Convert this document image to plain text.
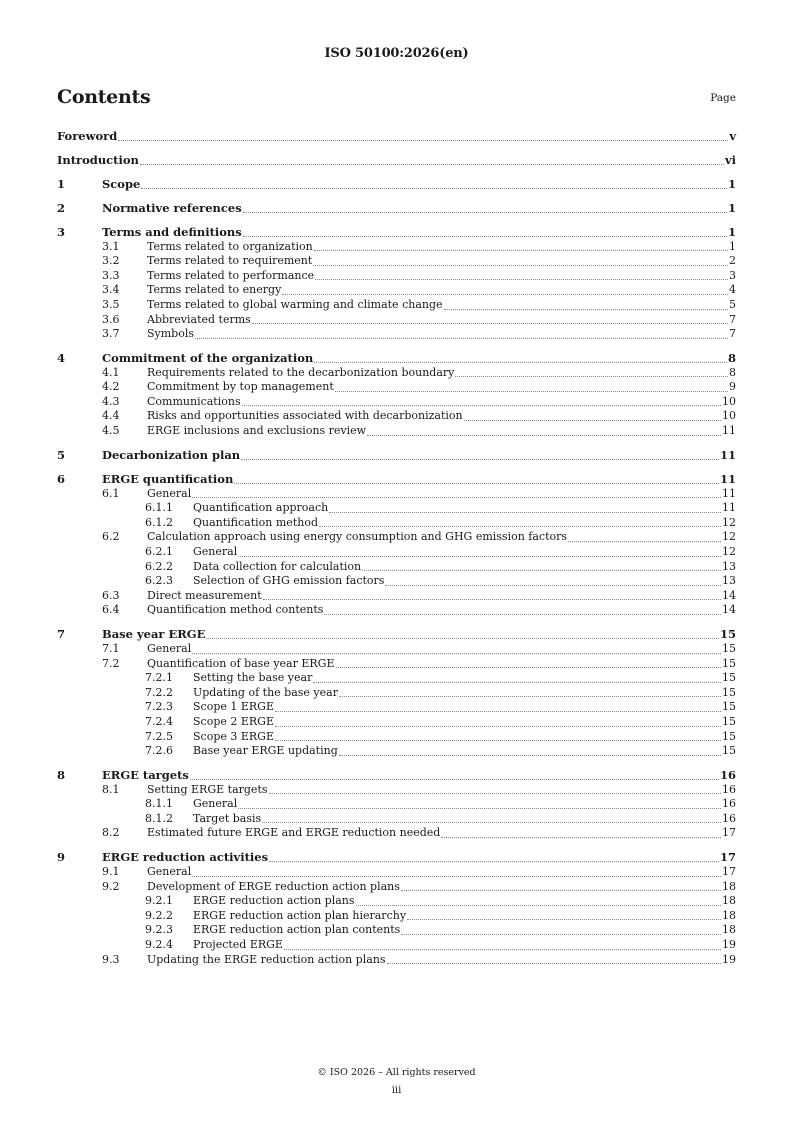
ISO 50100:2026(en)
Contents	Page
Foreword	v
Introduction	vi
1	Scope	1
2	Normative references	1
3	Terms and definitions	1
3.1	Terms related to organization	1
3.2	Terms related to requirement	2
3.3	Terms related to performance	3
3.4	Terms related to energy	4
3.5	Terms related to global warming and climate change	5
3.6	Abbreviated terms	7
3.7	Symbols	7
4	Commitment of the organization	8
4.1	Requirements related to the decarbonization boundary	8
4.2	Commitment by top management	9
4.3	Communications	10
4.4	Risks and opportunities associated with decarbonization	10
4.5	ERGE inclusions and exclusions review	11
5	Decarbonization plan	11
6	ERGE quantification	11
6.1	General	11
6.1.1	Quantification approach	11
6.1.2	Quantification method	12
6.2	Calculation approach using energy consumption and GHG emission factors	12
6.2.1	General	12
6.2.2	Data collection for calculation	13
6.2.3	Selection of GHG emission factors	13
6.3	Direct measurement	14
6.4	Quantification method contents	14
7	Base year ERGE	15
7.1	General	15
7.2	Quantification of base year ERGE	15
7.2.1	Setting the base year	15
7.2.2	Updating of the base year	15
7.2.3	Scope 1 ERGE	15
7.2.4	Scope 2 ERGE	15
7.2.5	Scope 3 ERGE	15
7.2.6	Base year ERGE updating	15
8	ERGE targets	16
8.1	Setting ERGE targets	16
8.1.1	General	16
8.1.2	Target basis	16
8.2	Estimated future ERGE and ERGE reduction needed	17
9	ERGE reduction activities	17
9.1	General	17
9.2	Development of ERGE reduction action plans	18
9.2.1	ERGE reduction action plans	18
9.2.2	ERGE reduction action plan hierarchy	18
9.2.3	ERGE reduction action plan contents	18
9.2.4	Projected ERGE	19
9.3	Updating the ERGE reduction action plans	19
© ISO 2026 – All rights reserved
iii
